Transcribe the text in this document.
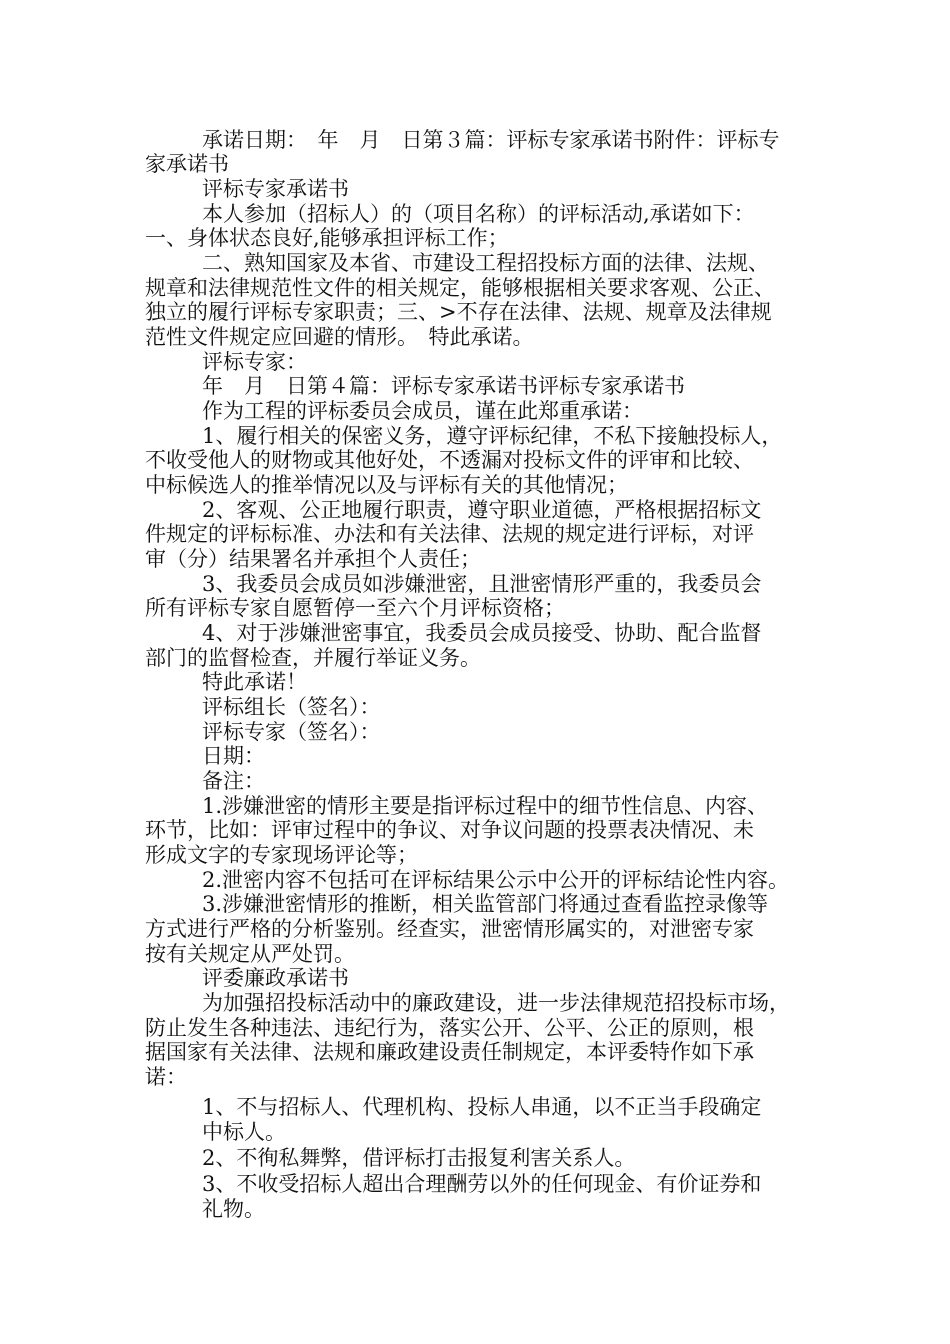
承诺日期：　年　月　日第３篇：评标专家承诺书附件：评标专
家承诺书
评标专家承诺书
本人参加（招标人）的（项目名称）的评标活动,承诺如下：
一、身体状态良好,能够承担评标工作；
二、熟知国家及本省、市建设工程招投标方面的法律、法规、
规章和法律规范性文件的相关规定，能够根据相关要求客观、公正、
独立的履行评标专家职责；三、>不存在法律、法规、规章及法律规
范性文件规定应回避的情形。　特此承诺。
评标专家：
年　月　日第４篇：评标专家承诺书评标专家承诺书
作为工程的评标委员会成员，谨在此郑重承诺：
1、履行相关的保密义务，遵守评标纪律，不私下接触投标人，
不收受他人的财物或其他好处，不透漏对投标文件的评审和比较、
中标候选人的推举情况以及与评标有关的其他情况；
2、客观、公正地履行职责，遵守职业道德，严格根据招标文
件规定的评标标准、办法和有关法律、法规的规定进行评标，对评
审（分）结果署名并承担个人责任；
3、我委员会成员如涉嫌泄密，且泄密情形严重的，我委员会
所有评标专家自愿暂停一至六个月评标资格；
4、对于涉嫌泄密事宜，我委员会成员接受、协助、配合监督
部门的监督检查，并履行举证义务。
特此承诺！
评标组长（签名）：
评标专家（签名）：
日期：
备注：
1.涉嫌泄密的情形主要是指评标过程中的细节性信息、内容、
环节，比如：评审过程中的争议、对争议问题的投票表决情况、未
形成文字的专家现场评论等；
2.泄密内容不包括可在评标结果公示中公开的评标结论性内容。
3.涉嫌泄密情形的推断，相关监管部门将通过查看监控录像等
方式进行严格的分析鉴别。经查实，泄密情形属实的，对泄密专家
按有关规定从严处罚。
评委廉政承诺书
为加强招投标活动中的廉政建设，进一步法律规范招投标市场，
防止发生各种违法、违纪行为，落实公开、公平、公正的原则，根
据国家有关法律、法规和廉政建设责任制规定，本评委特作如下承
诺：
1、不与招标人、代理机构、投标人串通，以不正当手段确定
中标人。
2、不徇私舞弊，借评标打击报复利害关系人。
3、不收受招标人超出合理酬劳以外的任何现金、有价证券和
礼物。
